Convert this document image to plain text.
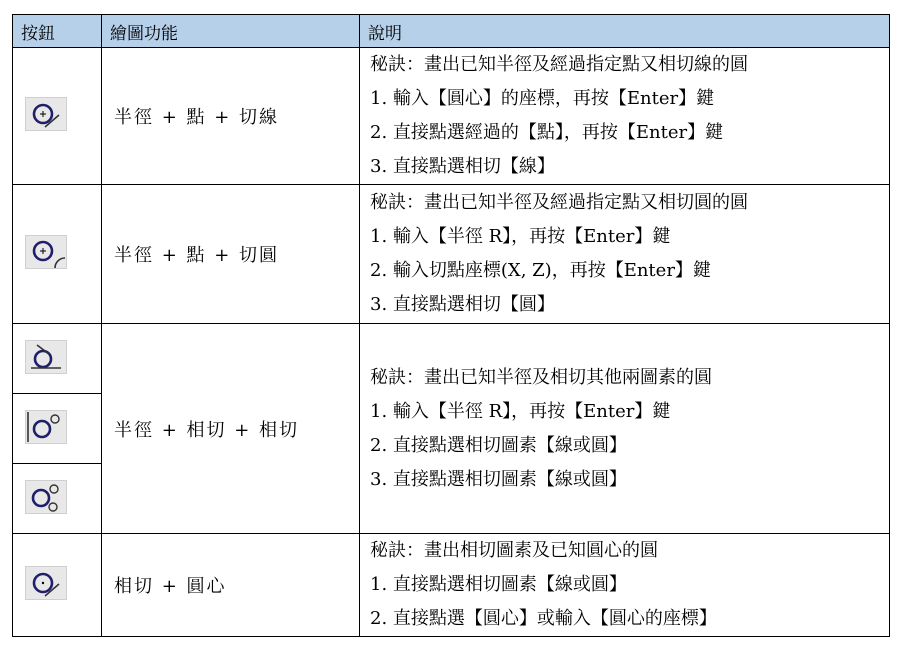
按鈕	繪圖功能	說明

	半徑 + 點 + 切線	秘訣：畫出已知半徑及經過指定點又相切線的圓
1. 輸入【圓心】的座標，再按【Enter】鍵
2. 直接點選經過的【點】，再按【Enter】鍵
3. 直接點選相切【線】

	半徑 + 點 + 切圓	秘訣：畫出已知半徑及經過指定點又相切圓的圓
1. 輸入【半徑 R】，再按【Enter】鍵
2. 輸入切點座標(X, Z)，再按【Enter】鍵
3. 直接點選相切【圓】

	半徑 + 相切 + 相切	秘訣：畫出已知半徑及相切其他兩圖素的圓
1. 輸入【半徑 R】，再按【Enter】鍵
2. 直接點選相切圖素【線或圓】
3. 直接點選相切圖素【線或圓】

	相切 + 圓心	秘訣：畫出相切圖素及已知圓心的圓
1. 直接點選相切圖素【線或圓】
2. 直接點選【圓心】或輸入【圓心的座標】
